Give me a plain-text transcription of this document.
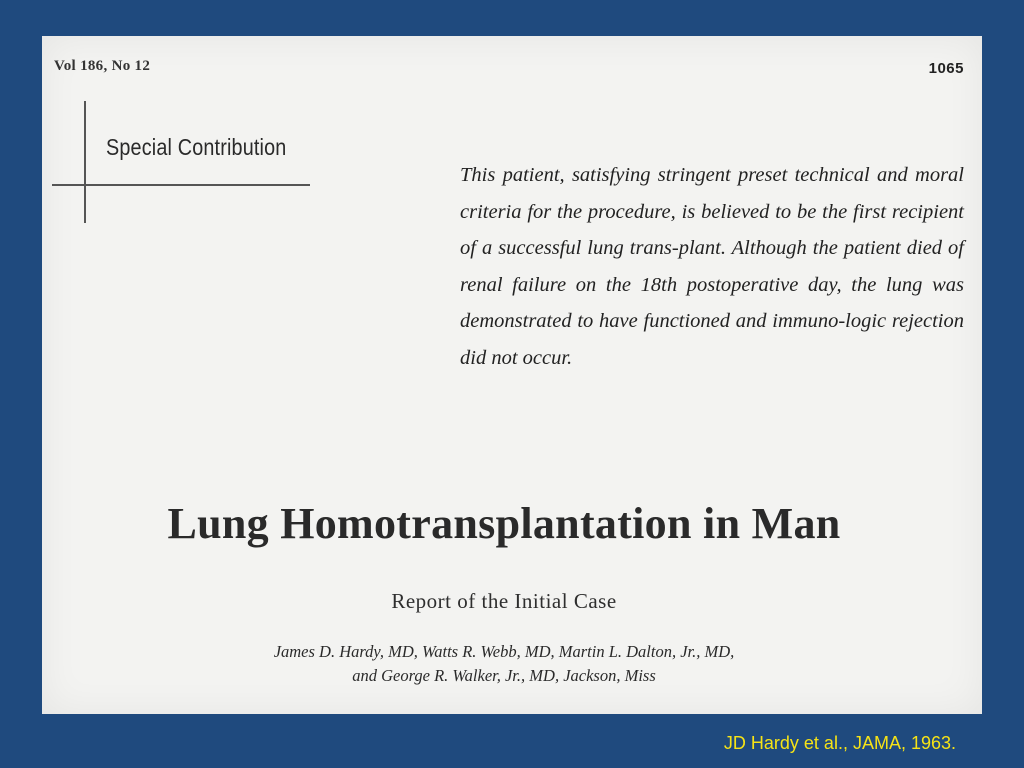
Vol 186, No 12	1065
Special Contribution

This patient, satisfying stringent preset technical and moral criteria for the procedure, is believed to be the first recipient of a successful lung trans-plant. Although the patient died of renal failure on the 18th postoperative day, the lung was demonstrated to have functioned and immuno-logic rejection did not occur.

Lung Homotransplantation in Man
Report of the Initial Case
James D. Hardy, MD, Watts R. Webb, MD, Martin L. Dalton, Jr., MD,
and George R. Walker, Jr., MD, Jackson, Miss
JD Hardy et al., JAMA, 1963.
